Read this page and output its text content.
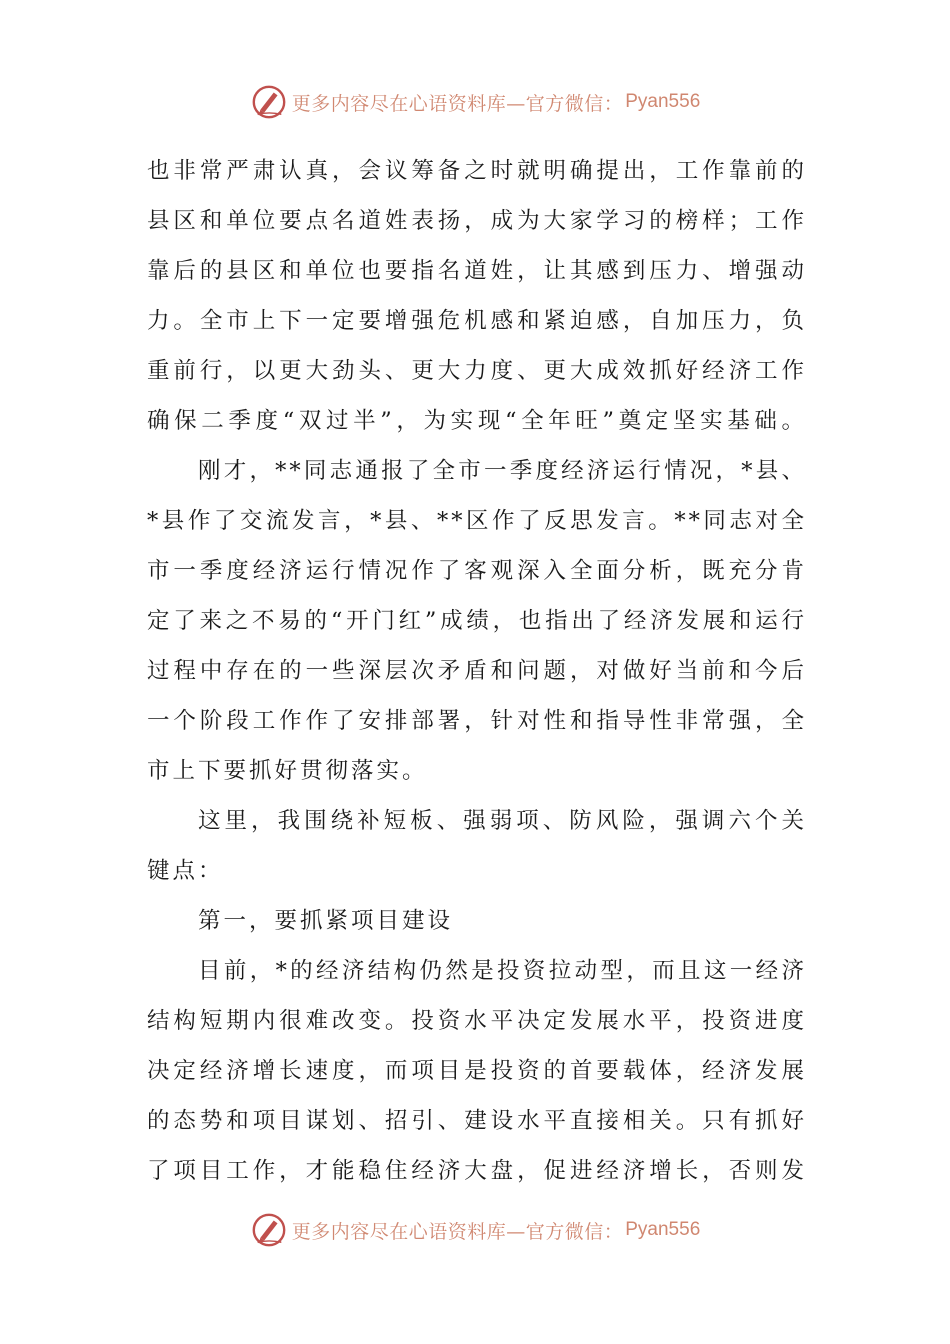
更多内容尽在心语资料库—官方微信： Pyan556

也非常严肃认真，会议筹备之时就明确提出，工作靠前的县区和单位要点名道姓表扬，成为大家学习的榜样；工作靠后的县区和单位也要指名道姓，让其感到压力、增强动力。全市上下一定要增强危机感和紧迫感，自加压力，负重前行，以更大劲头、更大力度、更大成效抓好经济工作确保二季度“双过半”，为实现“全年旺”奠定坚实基础。

刚才，**同志通报了全市一季度经济运行情况，*县、*县作了交流发言，*县、**区作了反思发言。**同志对全市一季度经济运行情况作了客观深入全面分析，既充分肯定了来之不易的“开门红”成绩，也指出了经济发展和运行过程中存在的一些深层次矛盾和问题，对做好当前和今后一个阶段工作作了安排部署，针对性和指导性非常强，全市上下要抓好贯彻落实。

这里，我围绕补短板、强弱项、防风险，强调六个关键点：

第一，要抓紧项目建设

目前，*的经济结构仍然是投资拉动型，而且这一经济结构短期内很难改变。投资水平决定发展水平，投资进度决定经济增长速度，而项目是投资的首要载体，经济发展的态势和项目谋划、招引、建设水平直接相关。只有抓好了项目工作，才能稳住经济大盘，促进经济增长，否则发

更多内容尽在心语资料库—官方微信： Pyan556
